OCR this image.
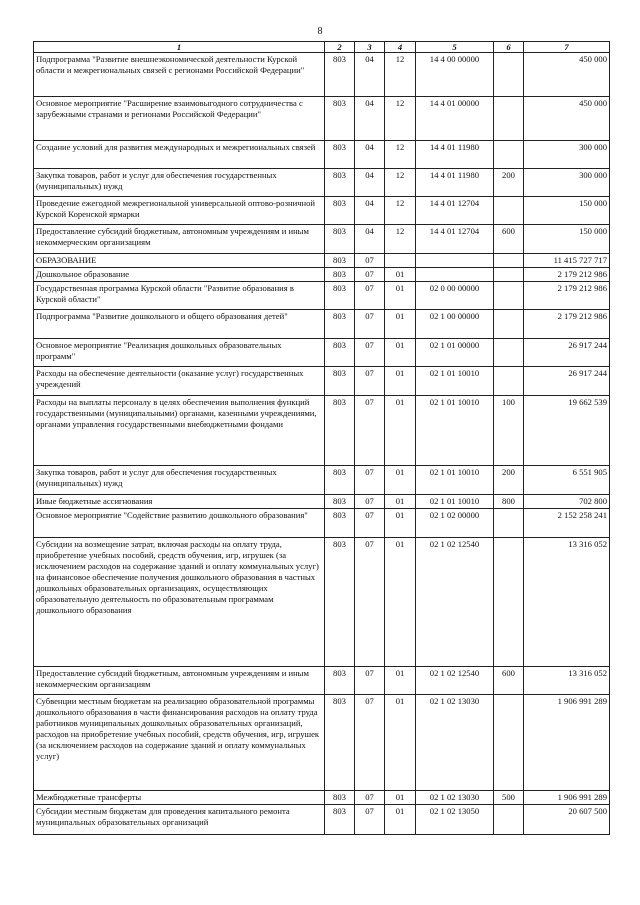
8
1	2	3	4	5	6	7
Подпрограмма "Развитие внешнеэкономической деятельности Курской области и межрегиональных связей с регионами Российской Федерации"	803	04	12	14 4 00 00000		450 000
Основное мероприятие "Расширение взаимовыгодного сотрудничества с зарубежными странами и регионами Российской Федерации"	803	04	12	14 4 01 00000		450 000
Создание условий для развития международных и межрегиональных связей	803	04	12	14 4 01 11980		300 000
Закупка товаров, работ и услуг для обеспечения государственных (муниципальных) нужд	803	04	12	14 4 01 11980	200	300 000
Проведение ежегодной межрегиональной универсальной оптово-розничной Курской Коренской ярмарки	803	04	12	14 4 01 12704		150 000
Предоставление субсидий бюджетным, автономным учреждениям и иным некоммерческим организациям	803	04	12	14 4 01 12704	600	150 000
ОБРАЗОВАНИЕ	803	07				11 415 727 717
Дошкольное образование	803	07	01			2 179 212 986
Государственная программа Курской области "Развитие образования в Курской области"	803	07	01	02 0 00 00000		2 179 212 986
Подпрограмма "Развитие дошкольного и общего образования детей"	803	07	01	02 1 00 00000		2 179 212 986
Основное мероприятие "Реализация дошкольных образовательных программ"	803	07	01	02 1 01 00000		26 917 244
Расходы на обеспечение деятельности (оказание услуг) государственных учреждений	803	07	01	02 1 01 10010		26 917 244
Расходы на выплаты персоналу в целях обеспечения выполнения функций государственными (муниципальными) органами, казенными учреждениями, органами управления государственными внебюджетными фондами	803	07	01	02 1 01 10010	100	19 662 539
Закупка товаров, работ и услуг для обеспечения государственных (муниципальных) нужд	803	07	01	02 1 01 10010	200	6 551 905
Иные бюджетные ассигнования	803	07	01	02 1 01 10010	800	702 800
Основное мероприятие "Содействие развитию дошкольного образования"	803	07	01	02 1 02 00000		2 152 258 241
Субсидии на возмещение затрат, включая расходы на оплату труда, приобретение учебных пособий, средств обучения, игр, игрушек (за исключением расходов на содержание зданий и оплату коммунальных услуг) на финансовое обеспечение получения дошкольного образования в частных дошкольных образовательных организациях, осуществляющих образовательную деятельность по образовательным программам дошкольного образования	803	07	01	02 1 02 12540		13 316 052
Предоставление субсидий бюджетным, автономным учреждениям и иным некоммерческим организациям	803	07	01	02 1 02 12540	600	13 316 052
Субвенции местным бюджетам на реализацию образовательной программы дошкольного образования в части финансирования расходов на оплату труда работников муниципальных дошкольных образовательных организаций, расходов на приобретение учебных пособий, средств обучения, игр, игрушек (за исключением расходов на содержание зданий и оплату коммунальных услуг)	803	07	01	02 1 02 13030		1 906 991 289
Межбюджетные трансферты	803	07	01	02 1 02 13030	500	1 906 991 289
Субсидии местным бюджетам для проведения капитального ремонта муниципальных образовательных организаций	803	07	01	02 1 02 13050		20 607 500
